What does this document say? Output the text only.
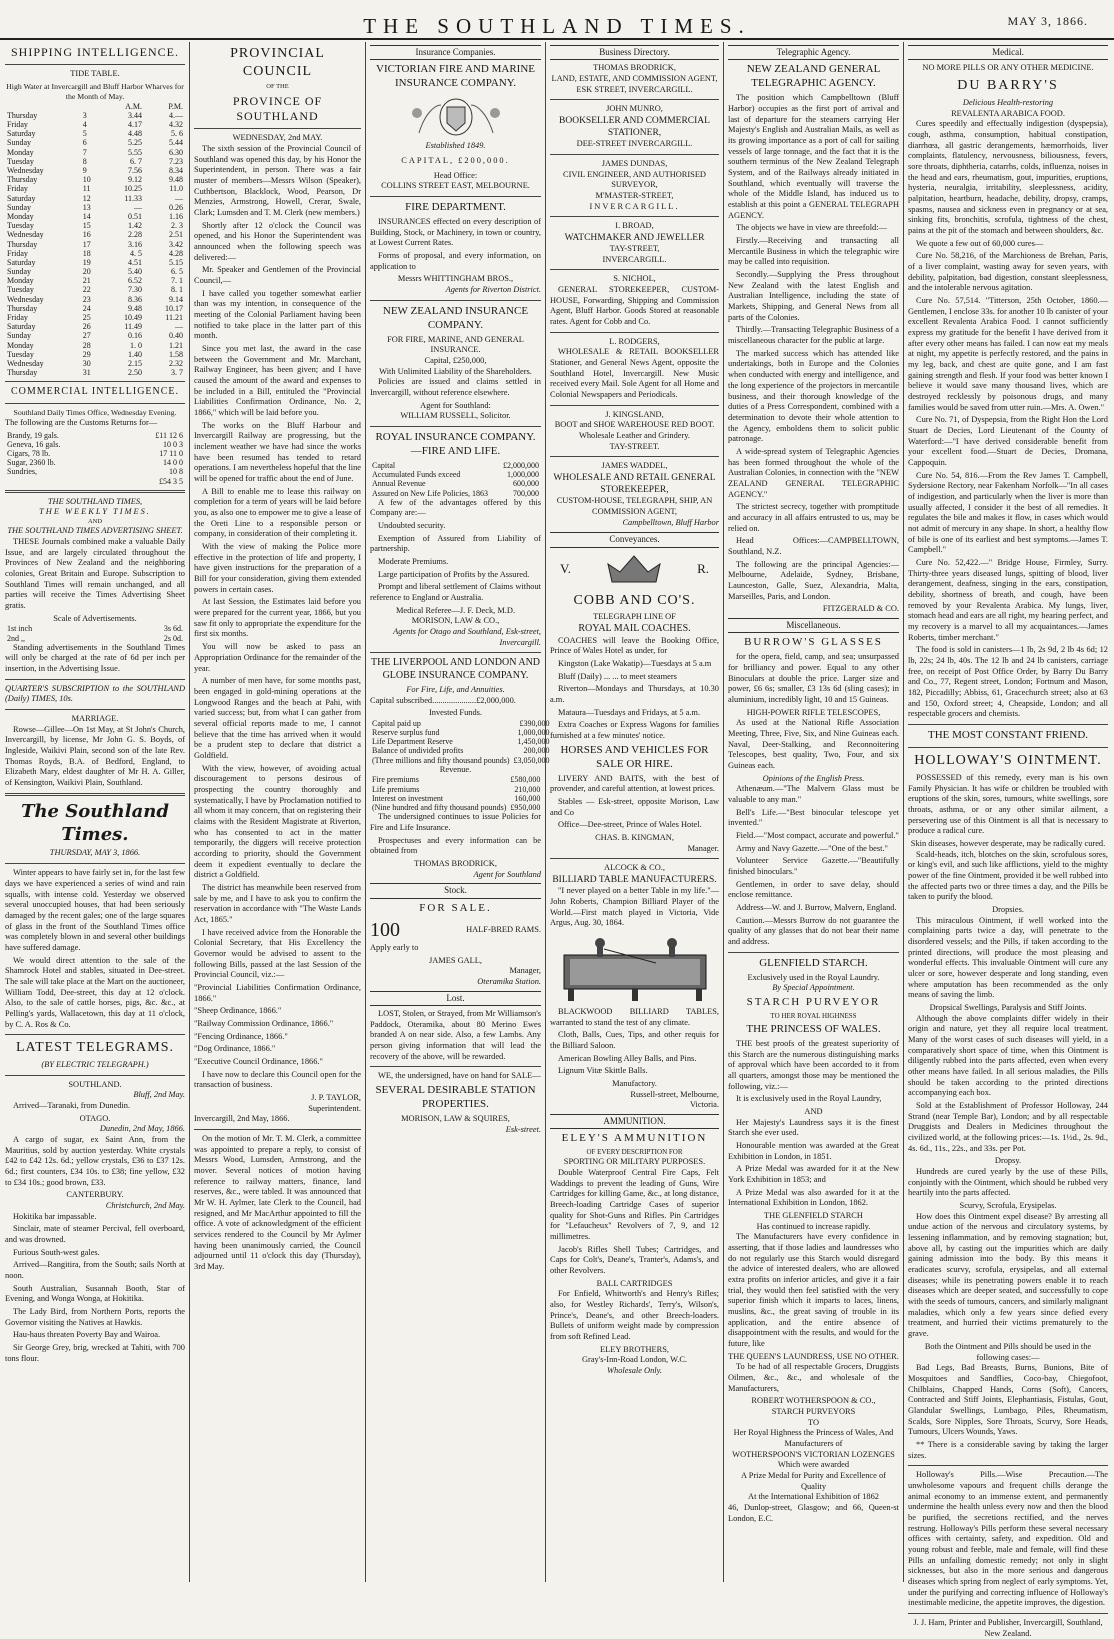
THE SOUTHLAND TIMES.	MAY 3, 1866.
SHIPPING INTELLIGENCE.
TIDE TABLE.
High Water at Invercargill and Bluff Harbor Wharves for the Month of May.
		A.M.	P.M.
Thursday	3	3.44	4.—
Friday	4	4.17	4.32
Saturday	5	4.48	5. 6
Sunday	6	5.25	5.44
Monday	7	5.55	6.30
Tuesday	8	6. 7	7.23
Wednesday	9	7.56	8.34
Thursday	10	9.12	9.48
Friday	11	10.25	11.0
Saturday	12	11.33	—
Sunday	13	—	0.26
Monday	14	0.51	1.16
Tuesday	15	1.42	2. 3
Wednesday	16	2.28	2.51
Thursday	17	3.16	3.42
Friday	18	4. 5	4.28
Saturday	19	4.51	5.15
Sunday	20	5.40	6. 5
Monday	21	6.52	7. 1
Tuesday	22	7.30	8. 1
Wednesday	23	8.36	9.14
Thursday	24	9.48	10.17
Friday	25	10.49	11.21
Saturday	26	11.49	—
Sunday	27	0.16	0.40
Monday	28	1. 0	1.21
Tuesday	29	1.40	1.58
Wednesday	30	2.15	2.32
Thursday	31	2.50	3. 7
COMMERCIAL INTELLIGENCE.
Southland Daily Times Office, Wednesday Evening.

The following are the Customs Returns for—

Brandy, 19 gals.	£11 12 6
Geneva, 16 gals.	10 0 3
Cigars, 78 lb.	17 11 0
Sugar, 2360 lb.	14 0 0
Sundries,	10 8
	£54 3 5
THE SOUTHLAND TIMES,
THE WEEKLY TIMES.
AND
THE SOUTHLAND TIMES ADVERTISING SHEET.

THESE Journals combined make a valuable Daily Issue, and are largely circulated throughout the Provinces of New Zealand and the neighboring colonies, Great Britain and Europe. Subscription to Southland Times will remain unchanged, and all parties will receive the Times Advertising Sheet gratis.

Scale of Advertisements.
1st inch	3s 6d.
2nd ,,	2s 0d.

Standing advertisements in the Southland Times will only be charged at the rate of 6d per inch per insertion, in the Advertising Issue.

QUARTER'S SUBSCRIPTION to the SOUTHLAND (Daily) TIMES, 10s.

MARRIAGE.

Rowse—Gillee—On 1st May, at St John's Church, Invercargill, by license, Mr John G. S. Boyds, of Ingleside, Waikivi Plain, second son of the late Rev. Thomas Royds, B.A. of Bedford, England, to Elizabeth Mary, eldest daughter of Mr H. A. Giller, of Kensington, Waikivi Plain, Southland.

The Southland Times.
THURSDAY, MAY 3, 1866.

Winter appears to have fairly set in, for the last few days we have experienced a series of wind and rain squalls, with intense cold. Yesterday we observed several unoccupied houses, that had been seriously damaged by the recent gales; one of the large squares of glass in the front of the Southland Times office was completely blown in and several other buildings have suffered damage.

We would direct attention to the sale of the Shamrock Hotel and stables, situated in Dee-street. The sale will take place at the Mart on the auctioneer, William Todd, Dee-street, this day at 12 o'clock. Also, to the sale of cattle horses, pigs, &c. &c., at Pelling's yards, Wallacetown, this day at 11 o'clock, by C. A. Ros & Co.

LATEST TELEGRAMS.
(BY ELECTRIC TELEGRAPH.)
SOUTHLAND.
Bluff, 2nd May.

Arrived—Taranaki, from Dunedin.

OTAGO.
Dunedin, 2nd May, 1866.

A cargo of sugar, ex Saint Ann, from the Mauritius, sold by auction yesterday. White crystals £42 to £42 12s. 6d.; yellow crystals, £36 to £37 12s. 6d.; first counters, £34 10s. to £38; fine yellow, £32 to £34 10s.; good brown, £33.

CANTERBURY.
Christchurch, 2nd May.

Hokitika bar impassable.

Sinclair, mate of steamer Percival, fell overboard, and was drowned.

Furious South-west gales.

Arrived—Rangitira, from the South; sails North at noon.

South Australian, Susannah Booth, Star of Evening, and Wonga Wonga, at Hokitika.

The Lady Bird, from Northern Ports, reports the Governor visiting the Natives at Hawkis.

Hau-haus threaten Poverty Bay and Wairoa.

Sir George Grey, brig, wrecked at Tahiti, with 700 tons flour.

PROVINCIAL COUNCIL
OF THE
PROVINCE OF SOUTHLAND
WEDNESDAY, 2nd MAY.

The sixth session of the Provincial Council of Southland was opened this day, by his Honor the Superintendent, in person. There was a fair muster of members—Messrs Wilson (Speaker), Cuthbertson, Blacklock, Wood, Pearson, Dr Menzies, Armstrong, Howell, Crerar, Swale, Clark; Lumsden and T. M. Clerk (new members.)

Shortly after 12 o'clock the Council was opened, and his Honor the Superintendent was announced when the following speech was delivered:—

Mr. Speaker and Gentlemen of the Provincial Council,—

I have called you together somewhat earlier than was my intention, in consequence of the meeting of the Colonial Parliament having been notified to take place in the latter part of this month.

Since you met last, the award in the case between the Government and Mr. Marchant, Railway Engineer, has been given; and I have caused the amount of the award and expenses to be included in a Bill, entituled the "Provincial Liabilities Confirmation Ordinance, No. 2, 1866," which will be laid before you.

The works on the Bluff Harbour and Invercargill Railway are progressing, but the inclement weather we have had since the works have been resumed has tended to retard operations. I am nevertheless hopeful that the line will be opened for traffic about the end of June.

A Bill to enable me to lease this railway on completion for a term of years will be laid before you, as also one to empower me to give a lease of the Oreti Line to a responsible person or company, in consideration of their completing it.

With the view of making the Police more effective in the protection of life and property, I have given instructions for the preparation of a Bill for your consideration, giving them extended powers in certain cases.

At last Session, the Estimates laid before you were prepared for the current year, 1866, but you saw fit only to appropriate the expenditure for the first six months.

You will now be asked to pass an Appropriation Ordinance for the remainder of the year.

A number of men have, for some months past, been engaged in gold-mining operations at the Longwood Ranges and the beach at Pahi, with varied success; but, from what I can gather from several official reports made to me, I cannot believe that the time has arrived when it would be a prudent step to declare that district a Goldfield.

With the view, however, of avoiding actual discouragement to persons desirous of prospecting the country thoroughly and systematically, I have by Proclamation notified to all whom it may concern, that on registering their claims with the Resident Magistrate at Riverton, who has consented to act in the matter temporarily, the diggers will receive protection according to priority, should the Government deem it expedient eventually to declare the district a Goldfield.

The district has meanwhile been reserved from sale by me, and I have to ask you to confirm the reservation in accordance with "The Waste Lands Act, 1865."

I have received advice from the Honorable the Colonial Secretary, that His Excellency the Governor would be advised to assent to the following Bills, passed at the last Session of the Provincial Council, viz.:—

"Provincial Liabilities Confirmation Ordinance, 1866."

"Sheep Ordinance, 1866."

"Railway Commission Ordinance, 1866."

"Fencing Ordinance, 1866."

"Dog Ordinance, 1866."

"Executive Council Ordinance, 1866."

I have now to declare this Council open for the transaction of business.

J. P. TAYLOR,
Superintendent.

Invercargill, 2nd May, 1866.

On the motion of Mr. T. M. Clerk, a committee was appointed to prepare a reply, to consist of Messrs Wood, Lumsden, Armstrong, and the mover. Several notices of motion having reference to railway matters, finance, land reserves, &c., were tabled. It was announced that Mr W. H. Aylmer, late Clerk to the Council, had resigned, and Mr MacArthur appointed to fill the office. A vote of acknowledgment of the efficient services rendered to the Council by Mr Aylmer having been unanimously carried, the Council adjourned until 11 o'clock this day (Thursday), 3rd May.

Insurance Companies.
VICTORIAN FIRE AND MARINE INSURANCE COMPANY.
Established 1849.
CAPITAL, £200,000.
Head Office:
COLLINS STREET EAST, MELBOURNE.
FIRE DEPARTMENT.

INSURANCES effected on every description of Building, Stock, or Machinery, in town or country, at Lowest Current Rates.

Forms of proposal, and every information, on application to

Messrs WHITTINGHAM BROS.,
Agents for Riverton District.
NEW ZEALAND INSURANCE COMPANY.
FOR FIRE, MARINE, AND GENERAL INSURANCE.
Capital, £250,000,
With Unlimited Liability of the Shareholders.

Policies are issued and claims settled in Invercargill, without reference elsewhere.

Agent for Southland:
WILLIAM RUSSELL, Solicitor.
ROYAL INSURANCE COMPANY.—FIRE AND LIFE.
Capital	£2,000,000
Accumulated Funds exceed	1,000,000
Annual Revenue	600,000
Assured on New Life Policies, 1863	700,000

A few of the advantages offered by this Company are:—

Undoubted security.

Exemption of Assured from Liability of partnership.

Moderate Premiums.

Large participation of Profits by the Assured.

Prompt and liberal settlement of Claims without reference to England or Australia.

Medical Referee—J. F. Deck, M.D.
MORISON, LAW & CO.,
Agents for Otago and Southland, Esk-street, Invercargill.
THE LIVERPOOL AND LONDON AND GLOBE INSURANCE COMPANY.
For Fire, Life, and Annuities.

Capital subscribed.....................£2,000,000.

Invested Funds.
Capital paid up	£390,000
Reserve surplus fund	1,000,000
Life Department Reserve	1,450,000
Balance of undivided profits	200,000
(Three millions and fifty thousand pounds)	£3,050,000
Revenue.
Fire premiums	£580,000
Life premiums	210,000
Interest on investment	160,000
(Nine hundred and fifty thousand pounds)	£950,000

The undersigned continues to issue Policies for Fire and Life Insurance.

Prospectuses and every information can be obtained from

THOMAS BRODRICK,
Agent for Southland
Stock.
FOR SALE.
100	HALF-BRED RAMS.

Apply early to

JAMES GALL,
Manager,
Oteramika Station.
Lost.

LOST, Stolen, or Strayed, from Mr Williamson's Paddock, Oteramika, about 80 Merino Ewes branded A on near side. Also, a few Lambs. Any person giving information that will lead the recovery of the above, will be rewarded.

WE, the undersigned, have on hand for SALE—

SEVERAL DESIRABLE STATION PROPERTIES.
MORISON, LAW & SQUIRES,
Esk-street.
Business Directory.
THOMAS BRODRICK,
LAND, ESTATE, AND COMMISSION AGENT,
ESK STREET, INVERCARGILL.
JOHN MUNRO,
BOOKSELLER AND COMMERCIAL STATIONER,
DEE-STREET INVERCARGILL.
JAMES DUNDAS,
CIVIL ENGINEER, AND AUTHORISED SURVEYOR,
M'MASTER-STREET,
INVERCARGILL.
I. BROAD,
WATCHMAKER AND JEWELLER
TAY-STREET,
INVERCARGILL.
S. NICHOL,

GENERAL STOREKEEPER, CUSTOM-HOUSE, Forwarding, Shipping and Commission Agent, Bluff Harbor. Goods Stored at reasonable rates. Agent for Cobb and Co.

L. RODGERS,

WHOLESALE & RETAIL BOOKSELLER Stationer, and General News Agent, opposite the Southland Hotel, Invercargill. New Music received every Mail. Sole Agent for all Home and Colonial Newspapers and Periodicals.

J. KINGSLAND,
BOOT and SHOE WAREHOUSE RED BOOT.
Wholesale Leather and Grindery.
TAY-STREET.
JAMES WADDEL,
WHOLESALE AND RETAIL GENERAL STOREKEEPER,
CUSTOM-HOUSE, TELEGRAPH, SHIP, AN COMMISSION AGENT,
Campbelltown, Bluff Harbor
Conveyances.
V.	R.
COBB AND CO'S.
TELEGRAPH LINE OF
ROYAL MAIL COACHES.

COACHES will leave the Booking Office, Prince of Wales Hotel as under, for

Kingston (Lake Wakatip)—Tuesdays at 5 a.m

Bluff (Daily) ... ... to meet steamers

Riverton—Mondays and Thursdays, at 10.30 a.m.

Mataura—Tuesdays and Fridays, at 5 a.m.

Extra Coaches or Express Wagons for families furnished at a few minutes' notice.

HORSES AND VEHICLES FOR SALE OR HIRE.

LIVERY AND BAITS, with the best of provender, and careful attention, at lowest prices.

Stables — Esk-street, opposite Morison, Law and Co

Office—Dee-street, Prince of Wales Hotel.

CHAS. B. KINGMAN,
Manager.
ALCOCK & CO.,
BILLIARD TABLE MANUFACTURERS.

"I never played on a better Table in my life."—John Roberts, Champion Billiard Player of the World.—First match played in Victoria, Vide Argus, Aug. 30, 1864.

BLACKWOOD BILLIARD TABLES, warranted to stand the test of any climate.

Cloth, Balls, Cues, Tips, and other requis for the Billiard Saloon.

American Bowling Alley Balls, and Pins.

Lignum Vitæ Skittle Balls.

Manufactory.
Russell-street, Melbourne,
Victoria.
AMMUNITION.
ELEY'S AMMUNITION
OF EVERY DESCRIPTION FOR
SPORTING OR MILITARY PURPOSES.

Double Waterproof Central Fire Caps, Felt Waddings to prevent the leading of Guns, Wire Cartridges for killing Game, &c., at long distance, Breech-loading Cartridge Cases of superior quality for Shot-Guns and Rifles. Pin Cartridges for "Lefaucheux" Revolvers of 7, 9, and 12 millimetres.

Jacob's Rifles Shell Tubes; Cartridges, and Caps for Colt's, Deane's, Tranter's, Adams's, and other Revolvers.

BALL CARTRIDGES

For Enfield, Whitworth's and Henry's Rifles; also, for Westley Richards', Terry's, Wilson's, Prince's, Deane's, and other Breech-loaders. Bullets of uniform weight made by compression from soft Refined Lead.

ELEY BROTHERS,
Gray's-Inn-Road London, W.C.
Wholesale Only.
Telegraphic Agency.
NEW ZEALAND GENERAL TELEGRAPHIC AGENCY.

The position which Campbelltown (Bluff Harbor) occupies as the first port of arrival and last of departure for the steamers carrying Her Majesty's English and Australian Mails, as well as its growing importance as a port of call for sailing vessels of large tonnage, and the fact that it is the southern terminus of the New Zealand Telegraph System, and of the Railways already initiated in Southland, which eventually will traverse the whole of the Middle Island, has induced us to establish at this point a GENERAL TELEGRAPH AGENCY.

The objects we have in view are threefold:—

Firstly.—Receiving and transacting all Mercantile Business in which the telegraphic wire may be called into requisition.

Secondly.—Supplying the Press throughout New Zealand with the latest English and Australian Intelligence, including the state of Markets, Shipping, and General News from all parts of the Colonies.

Thirdly.—Transacting Telegraphic Business of a miscellaneous character for the public at large.

The marked success which has attended like undertakings, both in Europe and the Colonies when conducted with energy and intelligence, and the long experience of the projectors in mercantile business, and their thorough knowledge of the duties of a Press Correspondent, combined with a determination to devote their whole attention to the Agency, emboldens them to solicit public patronage.

A wide-spread system of Telegraphic Agencies has been formed throughout the whole of the Australian Colonies, in connection with the "NEW ZEALAND GENERAL TELEGRAPHIC AGENCY."

The strictest secrecy, together with promptitude and accuracy in all affairs entrusted to us, may be relied on.

Head Offices:—CAMPBELLTOWN, Southland, N.Z.

The following are the principal Agencies:—Melbourne, Adelaide, Sydney, Brisbane, Launceston, Galle, Suez, Alexandria, Malta, Marseilles, Paris, and London.

FITZGERALD & CO.
Miscellaneous.
BURROW'S GLASSES

for the opera, field, camp, and sea; unsurpassed for brilliancy and power. Equal to any other Binoculars at double the price. Larger size and power, £6 6s; smaller, £3 13s 6d (sling cases); in aluminium, incredibly light, 10 and 15 Guineas.

HIGH-POWER RIFLE TELESCOPES,

As used at the National Rifle Association Meeting, Three, Five, Six, and Nine Guineas each. Naval, Deer-Stalking, and Reconnoitering Telescopes, best quality, Two, Four, and six Guineas each.

Opinions of the English Press.

Athenæum.—"The Malvern Glass must be valuable to any man."

Bell's Life.—"Best binocular telescope yet invented."

Field.—"Most compact, accurate and powerful."

Army and Navy Gazette.—"One of the best."

Volunteer Service Gazette.—"Beautifully finished binoculars."

Gentlemen, in order to save delay, should enclose remittance.

Address—W. and J. Burrow, Malvern, England.

Caution.—Messrs Burrow do not guarantee the quality of any glasses that do not bear their name and address.

GLENFIELD STARCH.
Exclusively used in the Royal Laundry.
By Special Appointment.
STARCH PURVEYOR
TO HER ROYAL HIGHNESS
THE PRINCESS OF WALES.

THE best proofs of the greatest superiority of this Starch are the numerous distinguishing marks of approval which have been accorded to it from all quarters, amongst those may be mentioned the following, viz.:—

It is exclusively used in the Royal Laundry,

AND

Her Majesty's Laundress says it is the finest Starch she ever used.

Honourable mention was awarded at the Great Exhibition in London, in 1851.

A Prize Medal was awarded for it at the New York Exhibition in 1853; and

A Prize Medal was also awarded for it at the International Exhibition in London, 1862.

THE GLENFIELD STARCH
Has continued to increase rapidly.

The Manufacturers have every confidence in asserting, that if those ladies and laundresses who do not regularly use this Starch would disregard the advice of interested dealers, who are allowed extra profits on inferior articles, and give it a fair trial, they would then feel satisfied with the very superior finish which it imparts to laces, linens, muslins, &c., the great saving of trouble in its application, and the entire absence of disappointment with the results, and would for the future, like

THE QUEEN'S LAUNDRESS, USE NO OTHER.

To be had of all respectable Grocers, Druggists Oilmen, &c., &c., and wholesale of the Manufacturers,

ROBERT WOTHERSPOON & CO.,
STARCH PURVEYORS
TO
Her Royal Highness the Princess of Wales, And Manufacturers of
WOTHERSPOON'S VICTORIAN LOZENGES
Which were awarded
A Prize Medal for Purity and Excellence of Quality
At the International Exhibition of 1862

46, Dunlop-street, Glasgow; and 66, Queen-st London, E.C.

Medical.
NO MORE PILLS OR ANY OTHER MEDICINE.
DU BARRY'S
Delicious Health-restoring
REVALENTA ARABICA FOOD.

Cures speedily and effectually indigestion (dyspepsia), cough, asthma, consumption, habitual constipation, diarrhœa, all gastric derangements, hæmorrhoids, liver complaints, flatulency, nervousness, biliousness, fevers, sore throats, diphtheria, catarrhs, colds, influenza, noises in the head and ears, rheumatism, gout, impurities, eruptions, hysteria, neuralgia, irritability, sleeplessness, acidity, palpitation, heartburn, headache, debility, dropsy, cramps, spasms, nausea and sickness even in pregnancy or at sea, sinking fits, bronchitis, scrofula, tightness of the chest, pains at the pit of the stomach and between shoulders, &c.

We quote a few out of 60,000 cures—

Cure No. 58,216, of the Marchioness de Brehan, Paris, of a liver complaint, wasting away for seven years, with debility, palpitation, bad digestion, constant sleeplessness, and the intolerable nervous agitation.

Cure No. 57,514. "Titterson, 25th October, 1860.—Gentlemen, I enclose 33s. for another 10 lb canister of your excellent Revalenta Arabica Food. I cannot sufficiently express my gratitude for the benefit I have derived from it after every other means has failed. I can now eat my meals at night, my appetite is perfectly restored, and the pains in my leg, back, and chest are quite gone, and I am fast gaining strength and flesh. If your food was better known I believe it would save many thousand lives, which are destroyed recklessly by poisonous drugs, and many families would be saved from utter ruin.—Mrs. A. Owen."

Cure No. 71, of Dyspepsia, from the Right Hon the Lord Stuart de Decies, Lord Lieutenant of the County of Waterford:—"I have derived considerable benefit from your excellent food.—Stuart de Decies, Dromana, Cappoquin.

Cure No. 54, 816.—From the Rev James T. Campbell, Sydersione Rectory, near Fakenham Norfolk—"In all cases of indigestion, and particularly when the liver is more than usually affected, I consider it the best of all remedies. It regulates the bile and makes it flow, in cases which would not admit of mercury in any shape. In short, a healthy flow of bile is one of its earliest and best symptoms.—James T. Campbell."

Cure No. 52,422.—" Bridge House, Firmley, Surry. Thirty-three years diseased lungs, spitting of blood, liver derangement, deafness, singing in the ears, constipation, debility, shortness of breath, and cough, have been removed by your Revalenta Arabica. My lungs, liver, stomach head and ears are all right, my hearing perfect, and my recovery is a marvel to all my acquaintances.—James Roberts, timber merchant."

The food is sold in canisters—1 lb, 2s 9d, 2 lb 4s 6d; 12 lb, 22s; 24 lb, 40s. The 12 lb and 24 lb canisters, carriage free, on receipt of Post Office Order, by Barry Du Barry and Co., 77, Regent street, London; Fortnum and Mason, 182, Piccadilly; Abbiss, 61, Gracechurch street; also at 63 and 150, Oxford street; 4, Cheapside, London; and all respectable grocers and chemists.

THE MOST CONSTANT FRIEND.
HOLLOWAY'S OINTMENT.

POSSESSED of this remedy, every man is his own Family Physician. It has wife or children be troubled with eruptions of the skin, sores, tumours, white swellings, sore throats, asthma, or or any other similar ailment, a persevering use of this Ointment is all that is necessary to produce a radical cure.

Skin diseases, however desperate, may be radically cured.

Scald-heads, itch, blotches on the skin, scrofulous sores, or king's evil, and such like afflictions, yield to the mighty power of the fine Ointment, provided it be well rubbed into the affected parts two or three times a day, and the Pills be taken to purify the blood.

Dropsies.

This miraculous Ointment, if well worked into the complaining parts twice a day, will penetrate to the disordered vessels; and the Pills, if taken according to the printed directions, will produce the most pleasing and wonderful effects. This invaluable Ointment will cure any ulcer or sore, however desperate and long standing, even where amputation has been recommended as the only means of saving the limb.

Dropsical Swellings, Paralysis and Stiff Joints.

Although the above complaints differ widely in their origin and nature, yet they all require local treatment. Many of the worst cases of such diseases will yield, in a comparatively short space of time, when this Ointment is diligently rubbed into the parts affected, even when every other means have failed. In all serious maladies, the Pills should be taken according to the printed directions accompanying each box.

Sold at the Establishment of Professor Holloway, 244 Strand (near Temple Bar), London; and by all respectable Druggists and Dealers in Medicines throughout the civilized world, at the following prices:—1s. 1½d., 2s. 9d., 4s. 6d., 11s., 22s., and 33s. per Pot.

Dropsy.

Hundreds are cured yearly by the use of these Pills, conjointly with the Ointment, which should be rubbed very heartily into the parts affected.

Scurvy, Scrofula, Erysipelas.

How does this Ointment expel disease? By arresting all undue action of the nervous and circulatory systems, by lessening inflammation, and by removing stagnation; but, above all, by casting out the impurities which are daily gaining admission into the body. By this means it eradicates scurvy, scrofula, erysipelas, and all external diseases; while its penetrating powers enable it to reach diseases which are deeper seated, and successfully to cope with the seeds of tumours, cancers, and similarly malignant maladies, which only a few years since defied every treatment, and hurried their victims prematurely to the grave.

Both the Ointment and Pills should be used in the following cases:—

Bad Legs, Bad Breasts, Burns, Bunions, Bite of Mosquitoes and Sandflies, Coco-bay, Chiegofoot, Chilblains, Chapped Hands, Corns (Soft), Cancers, Contracted and Stiff Joints, Elephantiasis, Fistulas, Gout, Glandular Swellings, Lumbago, Piles, Rheumatism, Scalds, Sore Nipples, Sore Throats, Scurvy, Sore Heads, Tumours, Ulcers Wounds, Yaws.

** There is a considerable saving by taking the larger sizes.

Holloway's Pills.—Wise Precaution.—The unwholesome vapours and frequent chills derange the animal economy to an immense extent, and permanently undermine the health unless every now and then the blood be purified, the secretions rectified, and the nerves restrung. Holloway's Pills perform these several necessary offices with certainty, safety, and expedition. Old and young robust and feeble, male and female, will find these Pills an unfailing domestic remedy; not only in slight sicknesses, but also in the more serious and dangerous diseases which spring from neglect of early symptoms. Yet, under the purifying and correcting influence of Holloway's inestimable medicine, the appetite improves, the digestion.

J. J. Ham, Printer and Publisher, Invercargill, Southland, New Zealand.
